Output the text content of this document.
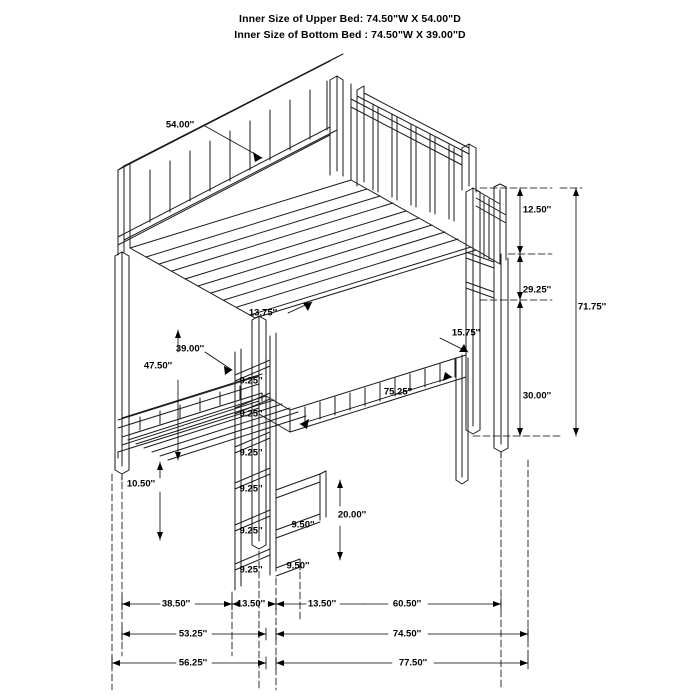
Inner Size of Upper Bed: 74.50"W X 54.00"D
Inner Size of Bottom Bed : 74.50"W X 39.00"D
54.00''
12.50''
29.25''
71.75''
30.00''
13.75''
15.75''
39.00''
47.50''
75.25''
9.25''
9.25''
9.25''
9.25''
9.25''
9.25''
10.50''
9.50''
9.50''
20.00''
38.50''	13.50''	13.50''	60.50''
53.25''	74.50''
56.25''	77.50''
